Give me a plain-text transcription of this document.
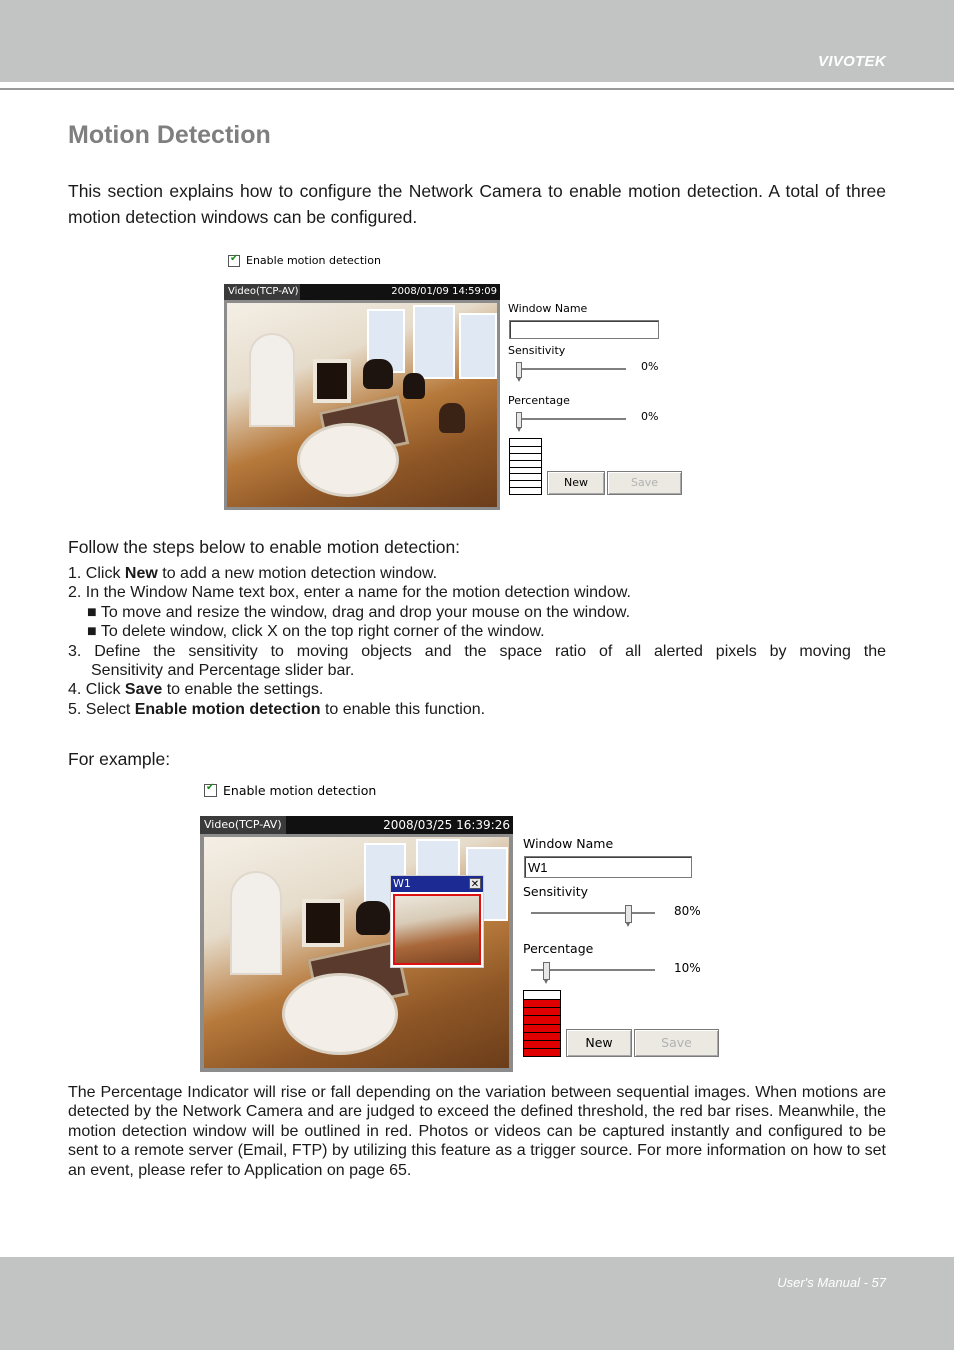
VIVOTEK
User's Manual - 57
Motion Detection

This section explains how to configure the Network Camera to enable motion detection. A total of three motion detection windows can be configured.

✔ Enable motion detection
Video(TCP-AV)	2008/01/09 14:59:09
Window Name
Sensitivity
0%
Percentage
0%
New	Save

Follow the steps below to enable motion detection:

1. Click New to add a new motion detection window.
2. In the Window Name text box, enter a name for the motion detection window.
■ To move and resize the window, drag and drop your mouse on the window.
■ To delete window, click X on the top right corner of the window.
3. Define the sensitivity to moving objects and the space ratio of all alerted pixels by moving the
Sensitivity and Percentage slider bar.
4. Click Save to enable the settings.
5. Select Enable motion detection to enable this function.

For example:

✔ Enable motion detection
Video(TCP-AV)	2008/03/25 16:39:26
W1	✕
Window Name
W1
Sensitivity
80%
Percentage
10%
New	Save

The Percentage Indicator will rise or fall depending on the variation between sequential images. When motions are detected by the Network Camera and are judged to exceed the defined threshold, the red bar rises. Meanwhile, the motion detection window will be outlined in red. Photos or videos can be captured instantly and configured to be sent to a remote server (Email, FTP) by utilizing this feature as a trigger source. For more information on how to set an event, please refer to Application on page 65.
